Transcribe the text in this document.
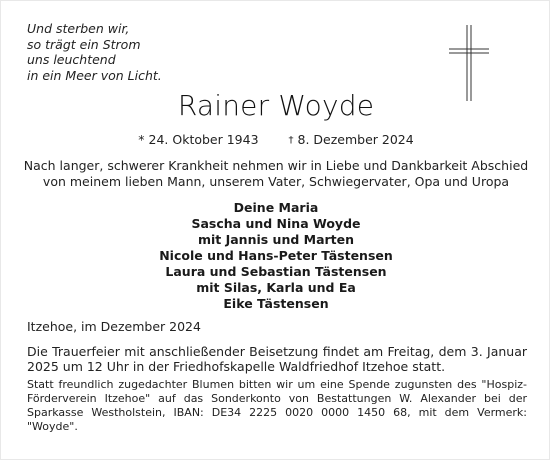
Und sterben wir,
so trägt ein Strom
uns leuchtend
in ein Meer von Licht.
Rainer Woyde
* 24. Oktober 1943	† 8. Dezember 2024
Nach langer, schwerer Krankheit nehmen wir in Liebe und Dankbarkeit Abschied
von meinem lieben Mann, unserem Vater, Schwiegervater, Opa und Uropa
Deine Maria
Sascha und Nina Woyde
mit Jannis und Marten
Nicole und Hans-Peter Tästensen
Laura und Sebastian Tästensen
mit Silas, Karla und Ea
Eike Tästensen
Itzehoe, im Dezember 2024
Die Trauerfeier mit anschließender Beisetzung findet am Freitag, dem 3. Januar 2025 um 12 Uhr in der Friedhofskapelle Waldfriedhof Itzehoe statt.
Statt freundlich zugedachter Blumen bitten wir um eine Spende zugunsten des "Hospiz-Förderverein Itzehoe" auf das Sonderkonto von Bestattungen W. Alexander bei der Sparkasse Westholstein, IBAN: DE34 2225 0020 0000 1450 68, mit dem Vermerk: "Woyde".
